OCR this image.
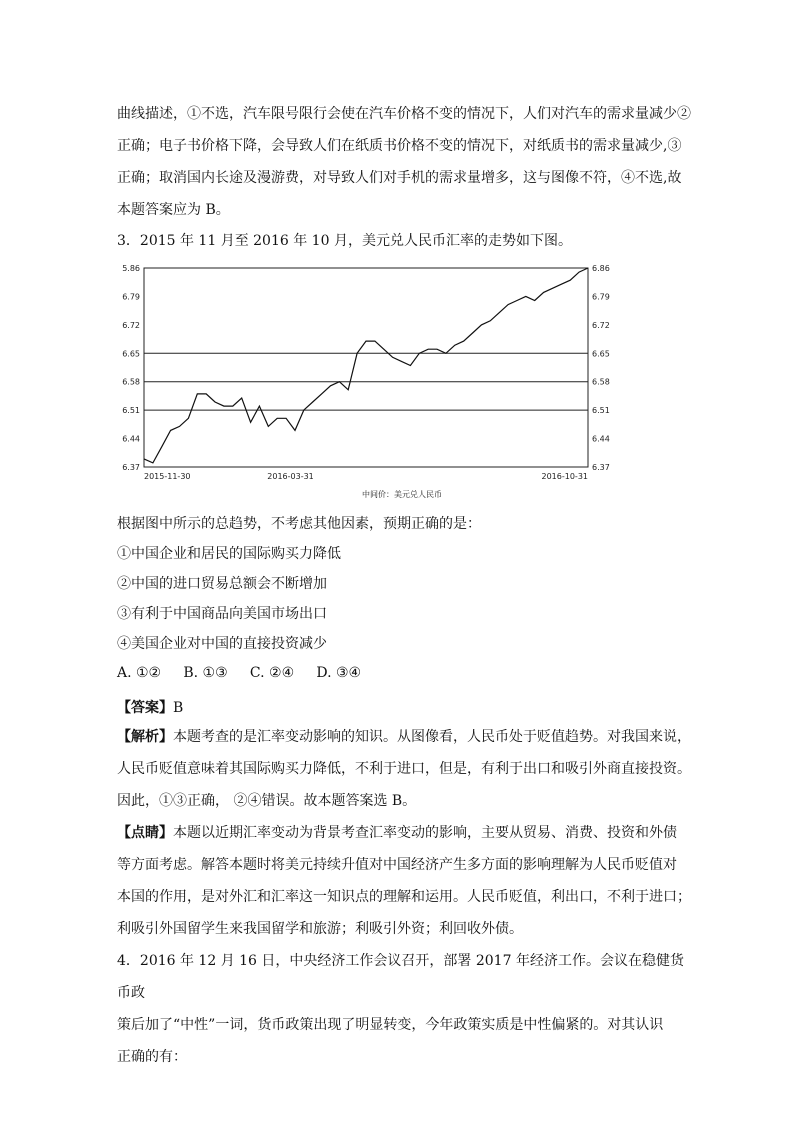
曲线描述，①不选，汽车限号限行会使在汽车价格不变的情况下，人们对汽车的需求量减少②
正确；电子书价格下降，会导致人们在纸质书价格不变的情况下，对纸质书的需求量减少,③
正确；取消国内长途及漫游费，对导致人们对手机的需求量增多，这与图像不符，④不选,故
本题答案应为 B。

3．2015 年 11 月至 2016 年 10 月，美元兑人民币汇率的走势如下图。
5.86
6.79
6.72
6.65
6.58
6.51
6.44
6.37
6.86
6.79
6.72
6.65
6.58
6.51
6.44
6.37
2015-11-30	2016-03-31	2016-10-31
中间价：美元兑人民币
根据图中所示的总趋势，不考虑其他因素，预期正确的是：
①中国企业和居民的国际购买力降低
②中国的进口贸易总额会不断增加
③有利于中国商品向美国市场出口
④美国企业对中国的直接投资减少
A. ①②     B. ①③     C. ②④     D. ③④
【答案】B

【解析】本题考查的是汇率变动影响的知识。从图像看，人民币处于贬值趋势。对我国来说，
人民币贬值意味着其国际购买力降低，不利于进口，但是，有利于出口和吸引外商直接投资。
因此，①③正确， ②④错误。故本题答案选 B。

【点睛】本题以近期汇率变动为背景考查汇率变动的影响，主要从贸易、消费、投资和外债
等方面考虑。解答本题时将美元持续升值对中国经济产生多方面的影响理解为人民币贬值对
本国的作用，是对外汇和汇率这一知识点的理解和运用。人民币贬值，利出口，不利于进口；
利吸引外国留学生来我国留学和旅游；利吸引外资；利回收外债。

4．2016 年 12 月 16 日，中央经济工作会议召开，部署 2017 年经济工作。会议在稳健货币政
策后加了“中性”一词，货币政策出现了明显转变，今年政策实质是中性偏紧的。对其认识
正确的有：
